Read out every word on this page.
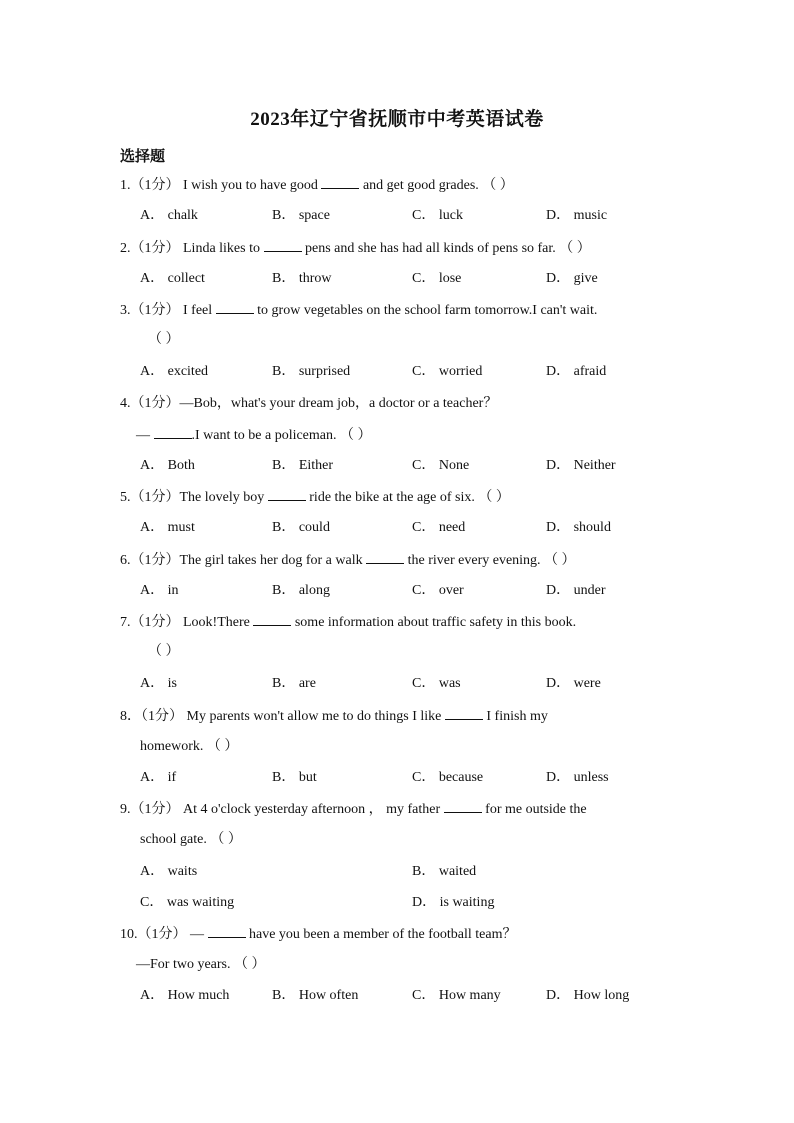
2023年辽宁省抚顺市中考英语试卷
选择题
1.（1分） I wish you to have good	and get good grades. （ ）
A． chalk	B． space	C． luck	D． music
2.（1分） Linda likes to	pens and she has had all kinds of pens so far. （ ）
A． collect	B． throw	C． lose	D． give
3.（1分） I feel	to grow vegetables on the school farm tomorrow.I can't wait.
（ ）
A． excited	B． surprised	C． worried	D． afraid
4.（1分）—Bob，what's your dream job，a doctor or a teacher？
—	.I want to be a policeman. （ ）
A． Both	B． Either	C． None	D． Neither
5.（1分）The lovely boy	ride the bike at the age of six. （ ）
A． must	B． could	C． need	D． should
6.（1分）The girl takes her dog for a walk	the river every evening. （ ）
A． in	B． along	C． over	D． under
7.（1分） Look!There	some information about traffic safety in this book.
（ ）
A． is	B． are	C． was	D． were
8．（1分） My parents won't allow me to do things I like	I finish my
homework. （ ）
A． if	B． but	C． because	D． unless
9.（1分） At 4 o'clock yesterday afternoon ， my father	for me outside the
school gate. （ ）
A． waits	B． waited
C． was waiting	D． is waiting
10.（1分） —	have you been a member of the football team？
—For two years. （ ）
A． How much	B． How often	C． How many	D． How long
